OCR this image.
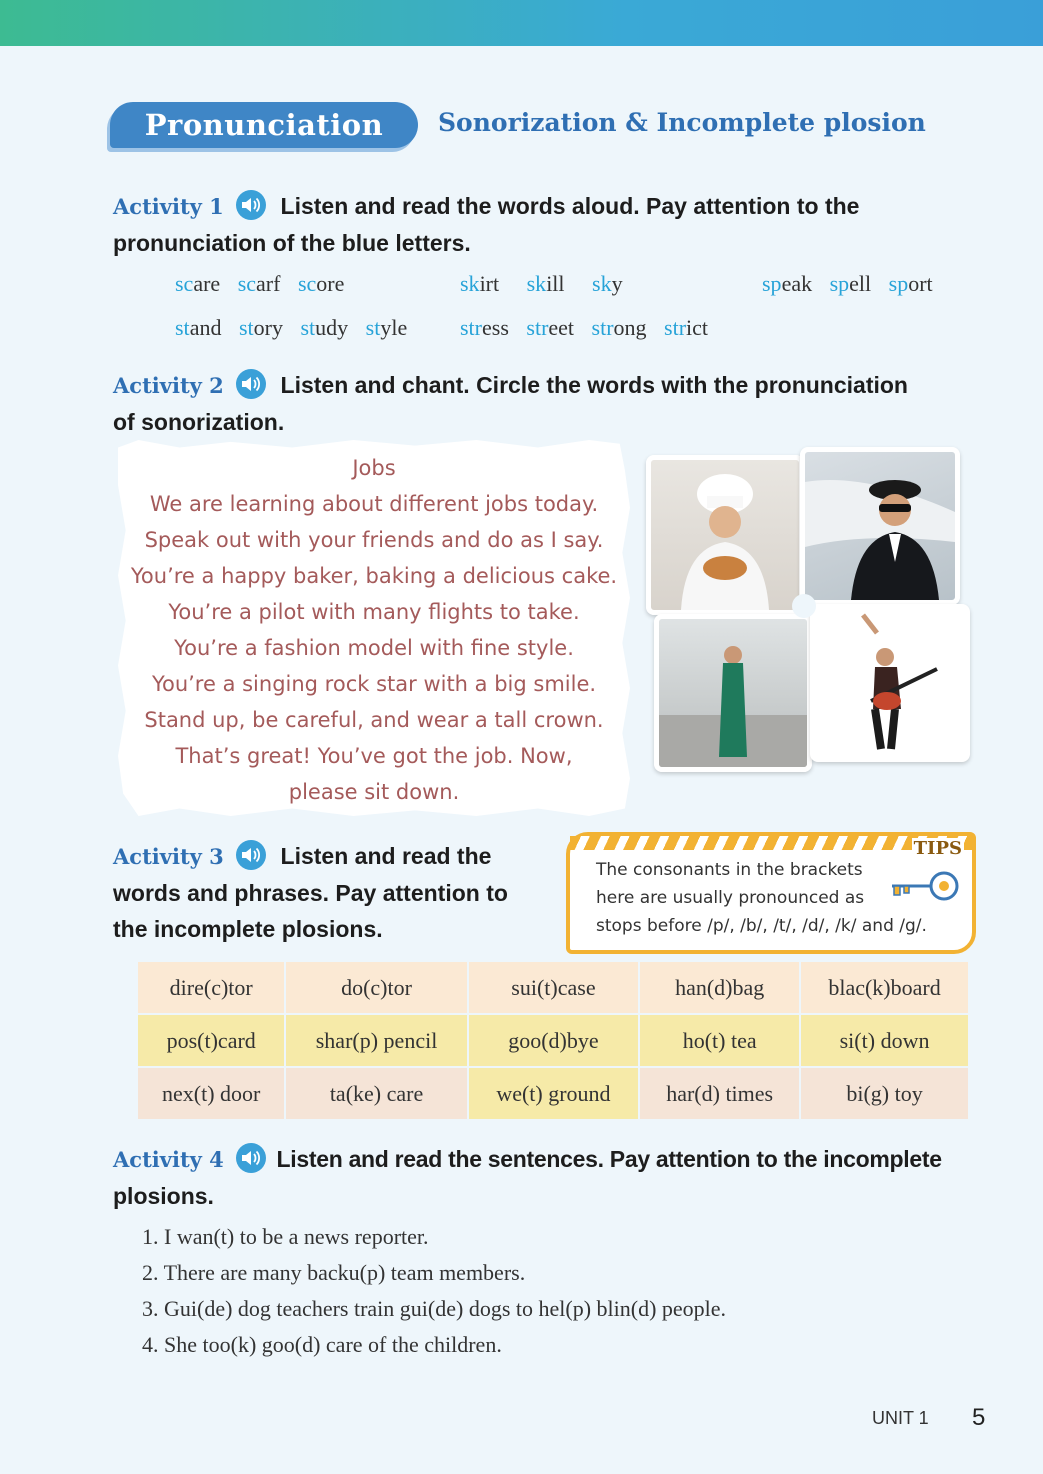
Pronunciation	Sonorization & Incomplete plosion
Activity 1 Listen and read the words aloud. Pay attention to the
pronunciation of the blue letters.
scare scarf score	skirt skill sky	speak spell sport
stand story study style	stress street strong strict
Activity 2 Listen and chant. Circle the words with the pronunciation
of sonorization.
Jobs
We are learning about different jobs today.
Speak out with your friends and do as I say.
You’re a happy baker, baking a delicious cake.
You’re a pilot with many flights to take.
You’re a fashion model with fine style.
You’re a singing rock star with a big smile.
Stand up, be careful, and wear a tall crown.
That’s great! You’ve got the job. Now,
please sit down.
Activity 3 Listen and read the
words and phrases. Pay attention to
the incomplete plosions.
TIPS
The consonants in the brackets
here are usually pronounced as
stops before /p/, /b/, /t/, /d/, /k/ and /g/.
dire(c)tor	do(c)tor	sui(t)case	han(d)bag	blac(k)board
pos(t)card	shar(p) pencil	goo(d)bye	ho(t) tea	si(t) down
nex(t) door	ta(ke) care	we(t) ground	har(d) times	bi(g) toy
Activity 4 Listen and read the sentences. Pay attention to the incomplete
plosions.
1. I wan(t) to be a news reporter.
2. There are many backu(p) team members.
3. Gui(de) dog teachers train gui(de) dogs to hel(p) blin(d) people.
4. She too(k) goo(d) care of the children.
UNIT 1 5
